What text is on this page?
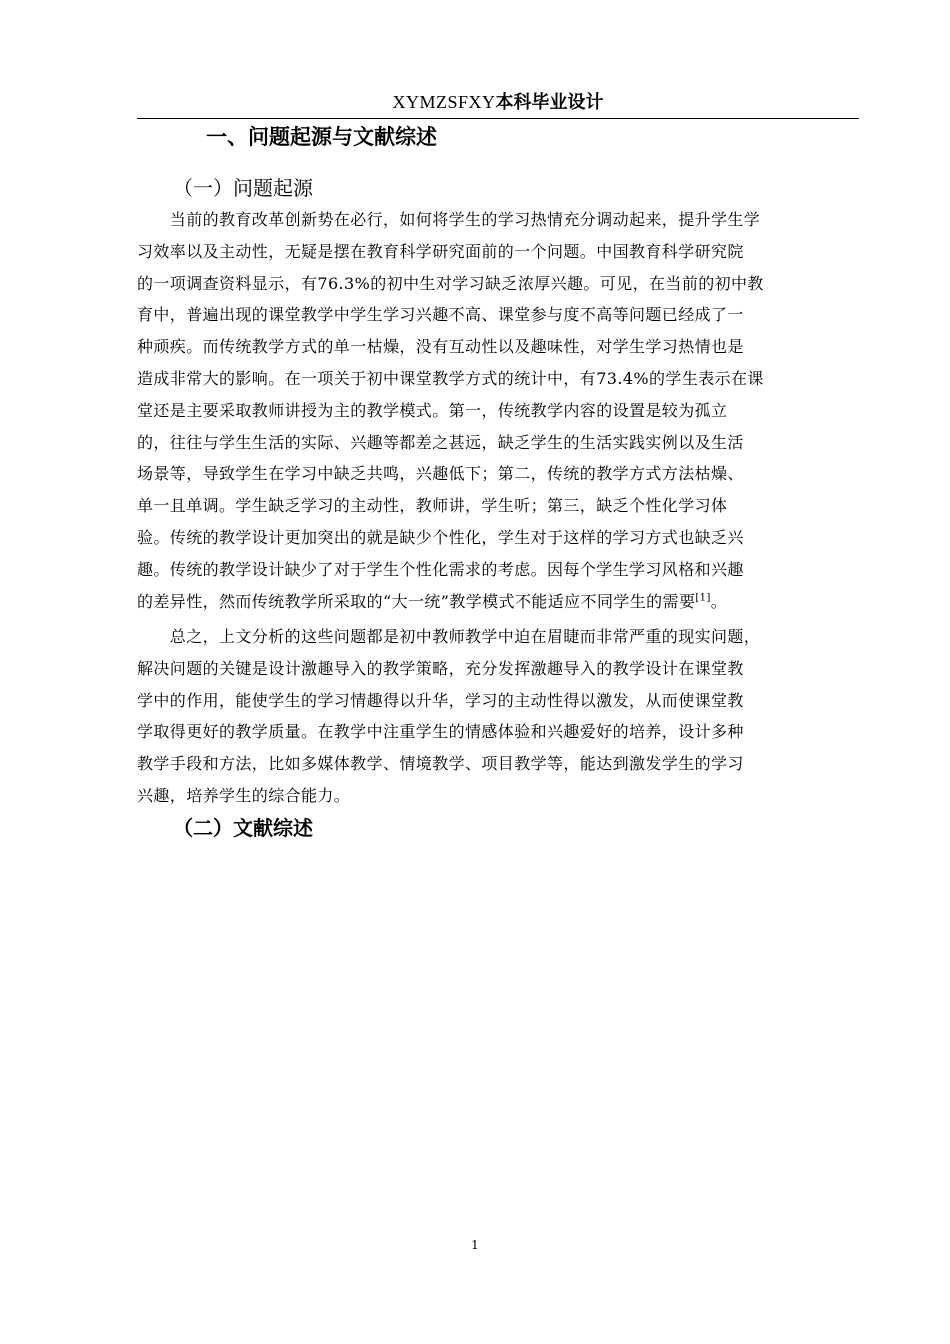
XYMZSFXY本科毕业设计
一、问题起源与文献综述
（一）问题起源
　　当前的教育改革创新势在必行，如何将学生的学习热情充分调动起来，提升学生学
习效率以及主动性，无疑是摆在教育科学研究面前的一个问题。中国教育科学研究院
的一项调查资料显示，有76.3%的初中生对学习缺乏浓厚兴趣。可见，在当前的初中教
育中，普遍出现的课堂教学中学生学习兴趣不高、课堂参与度不高等问题已经成了一
种顽疾。而传统教学方式的单一枯燥，没有互动性以及趣味性，对学生学习热情也是
造成非常大的影响。在一项关于初中课堂教学方式的统计中，有73.4%的学生表示在课
堂还是主要采取教师讲授为主的教学模式。第一，传统教学内容的设置是较为孤立
的，往往与学生生活的实际、兴趣等都差之甚远，缺乏学生的生活实践实例以及生活
场景等，导致学生在学习中缺乏共鸣，兴趣低下；第二，传统的教学方式方法枯燥、
单一且单调。学生缺乏学习的主动性，教师讲，学生听；第三，缺乏个性化学习体
验。传统的教学设计更加突出的就是缺少个性化，学生对于这样的学习方式也缺乏兴
趣。传统的教学设计缺少了对于学生个性化需求的考虑。因每个学生学习风格和兴趣
的差异性，然而传统教学所采取的“大一统”教学模式不能适应不同学生的需要[1]。
　　总之，上文分析的这些问题都是初中教师教学中迫在眉睫而非常严重的现实问题，
解决问题的关键是设计激趣导入的教学策略，充分发挥激趣导入的教学设计在课堂教
学中的作用，能使学生的学习情趣得以升华，学习的主动性得以激发，从而使课堂教
学取得更好的教学质量。在教学中注重学生的情感体验和兴趣爱好的培养，设计多种
教学手段和方法，比如多媒体教学、情境教学、项目教学等，能达到激发学生的学习
兴趣，培养学生的综合能力。
（二）文献综述
1
